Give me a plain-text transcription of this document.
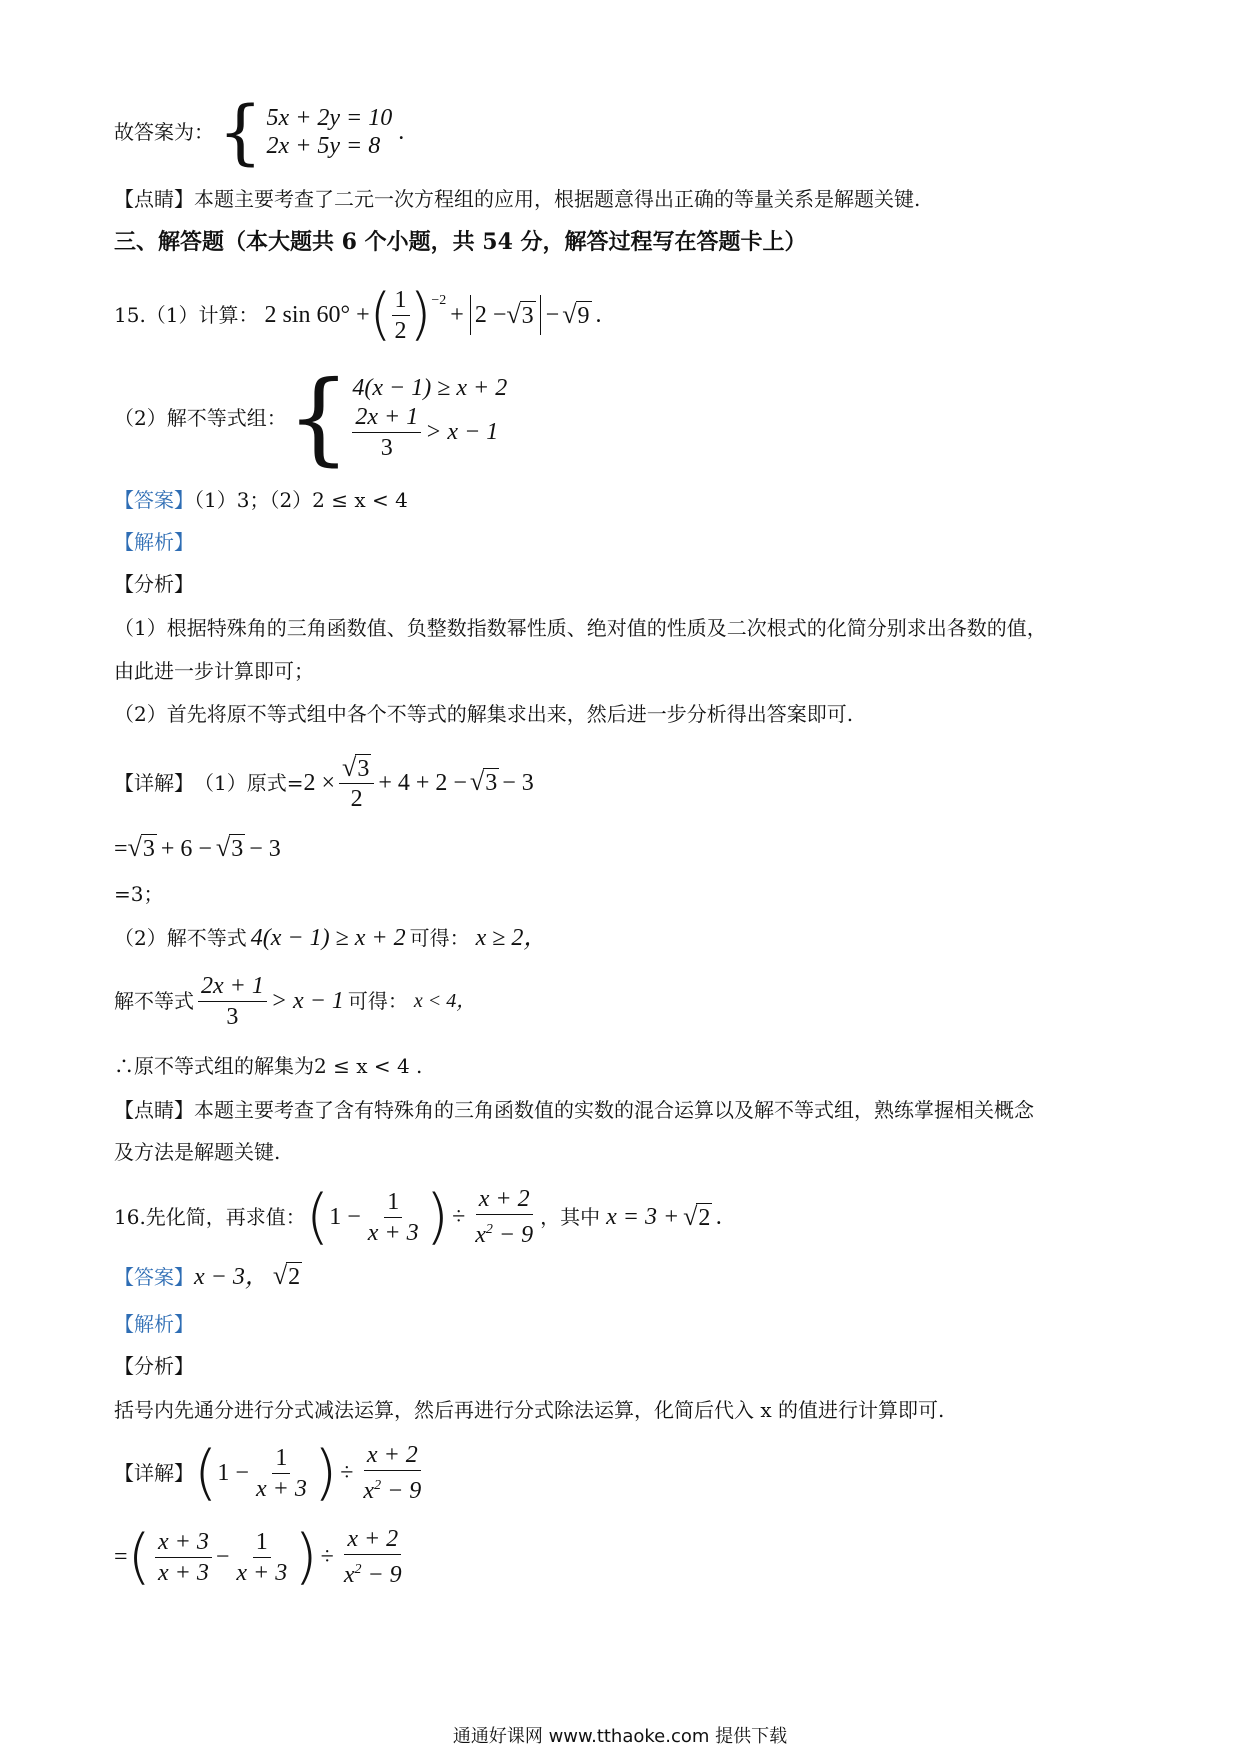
故答案为： { 5x + 2y = 10
2x + 5y = 8
.
【点睛】本题主要考查了二元一次方程组的应用，根据题意得出正确的等量关系是解题关键.
三、解答题（本大题共 6 个小题，共 54 分，解答过程写在答题卡上）
15.（1）计算： 2 sin 60° + ( $\frac{1}{2} )^{-2}$
+ 2 − √ 3 − √ 9 .
（2）解不等式组： { 4(x − 1) ≥ x + 2
$\frac{2x + 1}{3} > x - 1$
【答案】（1）3；（2）2 ≤ x < 4
【解析】
【分析】
（1）根据特殊角的三角函数值、负整数指数幂性质、绝对值的性质及二次根式的化简分别求出各数的值，
由此进一步计算即可；
（2）首先将原不等式组中各个不等式的解集求出来，然后进一步分析得出答案即可.
【详解】 （1）原式= $2 \times \frac{√ 3}{2} + 4 + 2$ − √ 3 − 3
= √ 3 + 6 − √ 3 − 3
=3；
（2）解不等式 4(x − 1) ≥ x + 2 可得： x ≥ 2，
解不等式 $\frac{2x + 1}{3} > x - 1$ 可得： x < 4，
∴原不等式组的解集为2 ≤ x < 4 .
【点睛】本题主要考查了含有特殊角的三角函数值的实数的混合运算以及解不等式组，熟练掌握相关概念
及方法是解题关键.
16.先化简，再求值： ( $1 - \frac{1}{x + 3}$ ) ÷ $\frac{x + 2}{x^2 - 9}$ ，其中 x = 3 + √ 2 .
【答案】 x − 3， √ 2
【解析】
【分析】
括号内先通分进行分式减法运算，然后再进行分式除法运算，化简后代入 x 的值进行计算即可.
【详解】 ( $1 - \frac{1}{x + 3}$ ) ÷ $\frac{x + 2}{x^2 - 9}$
= ( $\frac{x + 3}{x + 3} - \frac{1}{x + 3}$ ) ÷ $\frac{x + 2}{x^2 - 9}$
通通好课网 www.tthaoke.com 提供下载
